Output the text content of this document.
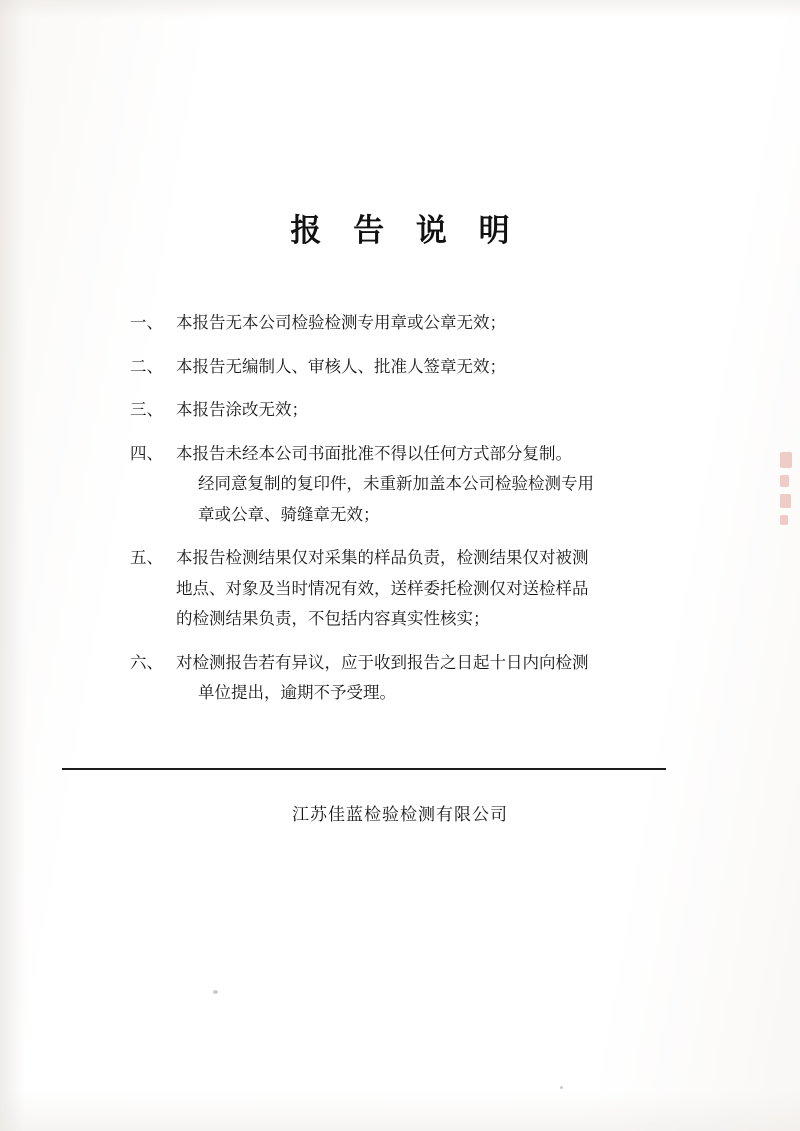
报 告 说 明
一、 本报告无本公司检验检测专用章或公章无效；

二、 本报告无编制人、审核人、批准人签章无效；

三、 本报告涂改无效；

四、 本报告未经本公司书面批准不得以任何方式部分复制。

经同意复制的复印件，未重新加盖本公司检验检测专用

章或公章、骑缝章无效；

五、 本报告检测结果仅对采集的样品负责，检测结果仅对被测

地点、对象及当时情况有效，送样委托检测仅对送检样品

的检测结果负责，不包括内容真实性核实；

六、 对检测报告若有异议，应于收到报告之日起十日内向检测

单位提出，逾期不予受理。

江苏佳蓝检验检测有限公司
